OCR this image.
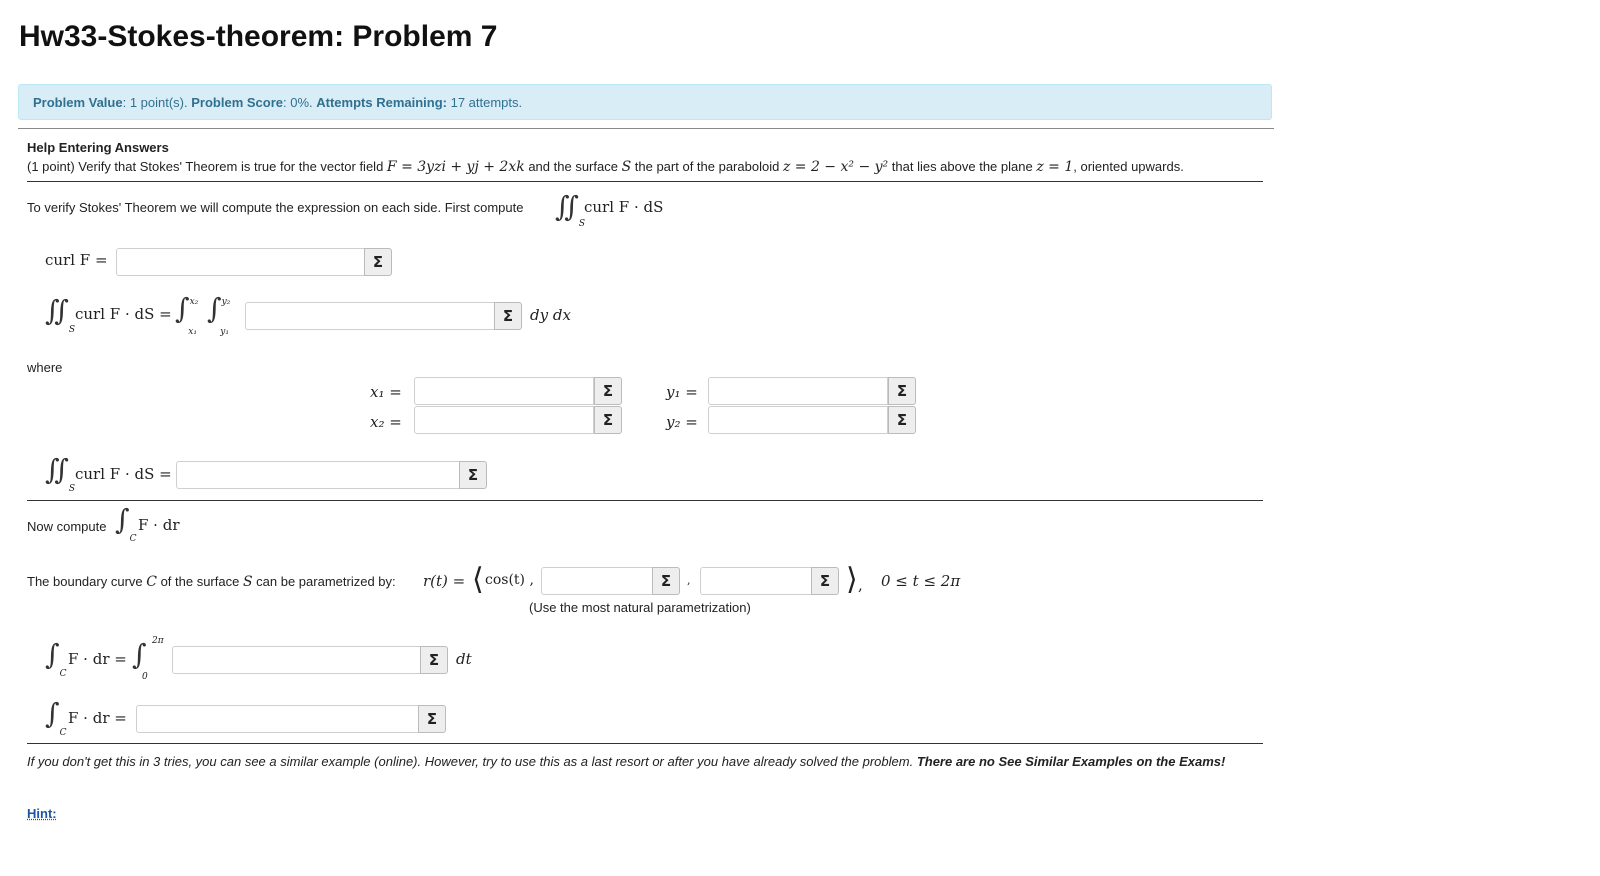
Hw33-Stokes-theorem: Problem 7
Problem Value: 1 point(s). Problem Score: 0%. Attempts Remaining: 17 attempts.
Help Entering Answers
(1 point) Verify that Stokes' Theorem is true for the vector field F = 3yzi + yj + 2xk and the surface S the part of the paraboloid z = 2 − x² − y² that lies above the plane z = 1, oriented upwards.
To verify Stokes' Theorem we will compute the expression on each side. First compute $∬_S$
curl F · dS
curl F =	Σ
$∬_S$
curl F · dS = ∫$^{x_2}_{x_1}$∫$^{y_2}_{y_1}$
Σ	dy dx
where
x₁ =	Σ
x₂ =	Σ
y₁ =	Σ
y₂ =	Σ
$∬_S$
curl F · dS =	Σ
Now compute $\int_C$
F · dr
The boundary curve C of the surface S can be parametrized by: r(t) = ⟨ cos(t) ,	Σ	,	Σ ⟩ , 0 ≤ t ≤ 2π
(Use the most natural parametrization)
$\int_C$
F · dr = ∫ 2π
0
Σ	dt
$\int_C$
F · dr =	Σ
If you don't get this in 3 tries, you can see a similar example (online). However, try to use this as a last resort or after you have already solved the problem. There are no See Similar Examples on the Exams!
Hint:
